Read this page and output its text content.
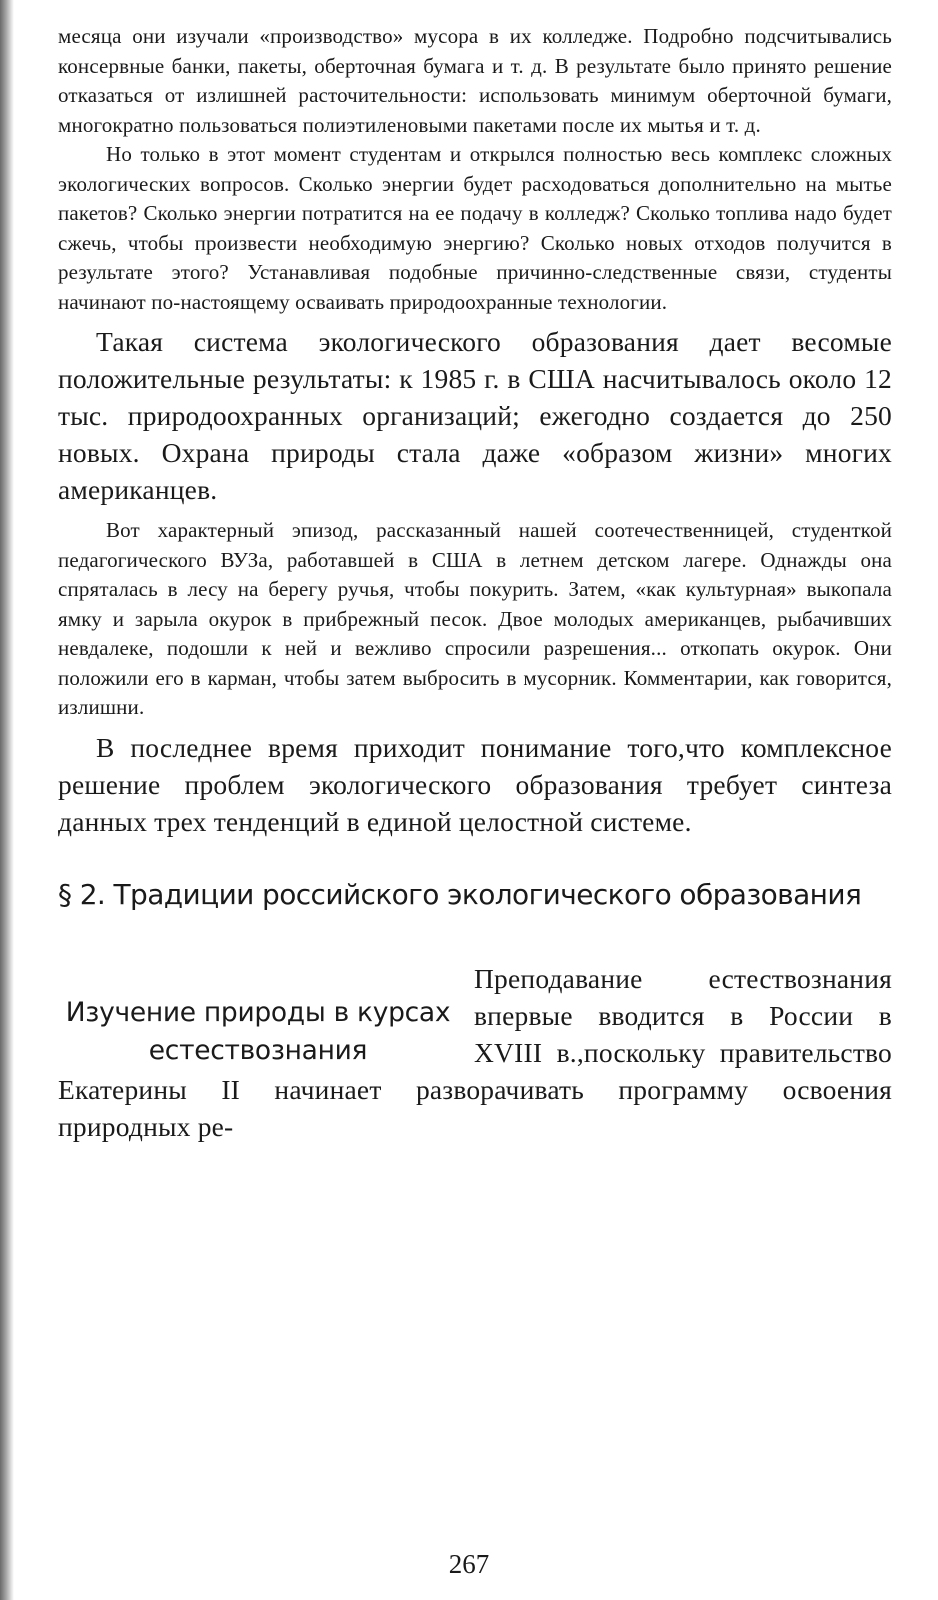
месяца они изучали «производство» мусора в их колледже. Подробно подсчитывались консервные банки, пакеты, оберточная бумага и т. д. В результате было принято решение отказаться от излишней расточительности: использовать минимум оберточной бумаги, многократно пользоваться полиэтиленовыми пакетами после их мытья и т. д.

Но только в этот момент студентам и открылся полностью весь комплекс сложных экологических вопросов. Сколько энергии будет расходоваться дополнительно на мытье пакетов? Сколько энергии потратится на ее подачу в колледж? Сколько топлива надо будет сжечь, чтобы произвести необходимую энергию? Сколько новых отходов получится в результате этого? Устанавливая подобные причинно-следственные связи, студенты начинают по-настоящему осваивать природоохранные технологии.

Такая система экологического образования дает весомые положительные результаты: к 1985 г. в США насчитывалось около 12 тыс. природоохранных организаций; ежегодно создается до 250 новых. Охрана природы стала даже «образом жизни» многих американцев.

Вот характерный эпизод, рассказанный нашей соотечественницей, студенткой педагогического ВУЗа, работавшей в США в летнем детском лагере. Однажды она спряталась в лесу на берегу ручья, чтобы покурить. Затем, «как культурная» выкопала ямку и зарыла окурок в прибрежный песок. Двое молодых американцев, рыбачивших невдалеке, подошли к ней и вежливо спросили разрешения... откопать окурок. Они положили его в карман, чтобы затем выбросить в мусорник. Комментарии, как говорится, излишни.

В последнее время приходит понимание того,что комплексное решение проблем экологического образования требует синтеза данных трех тенденций в единой целостной системе.

§ 2. Традиции российского экологического образования
Изучение природы в курсах естествознания

Преподавание естествознания впервые вводится в России в XVIII в.,поскольку правительство Екатерины II начинает разворачивать программу освоения природных ре-

267
